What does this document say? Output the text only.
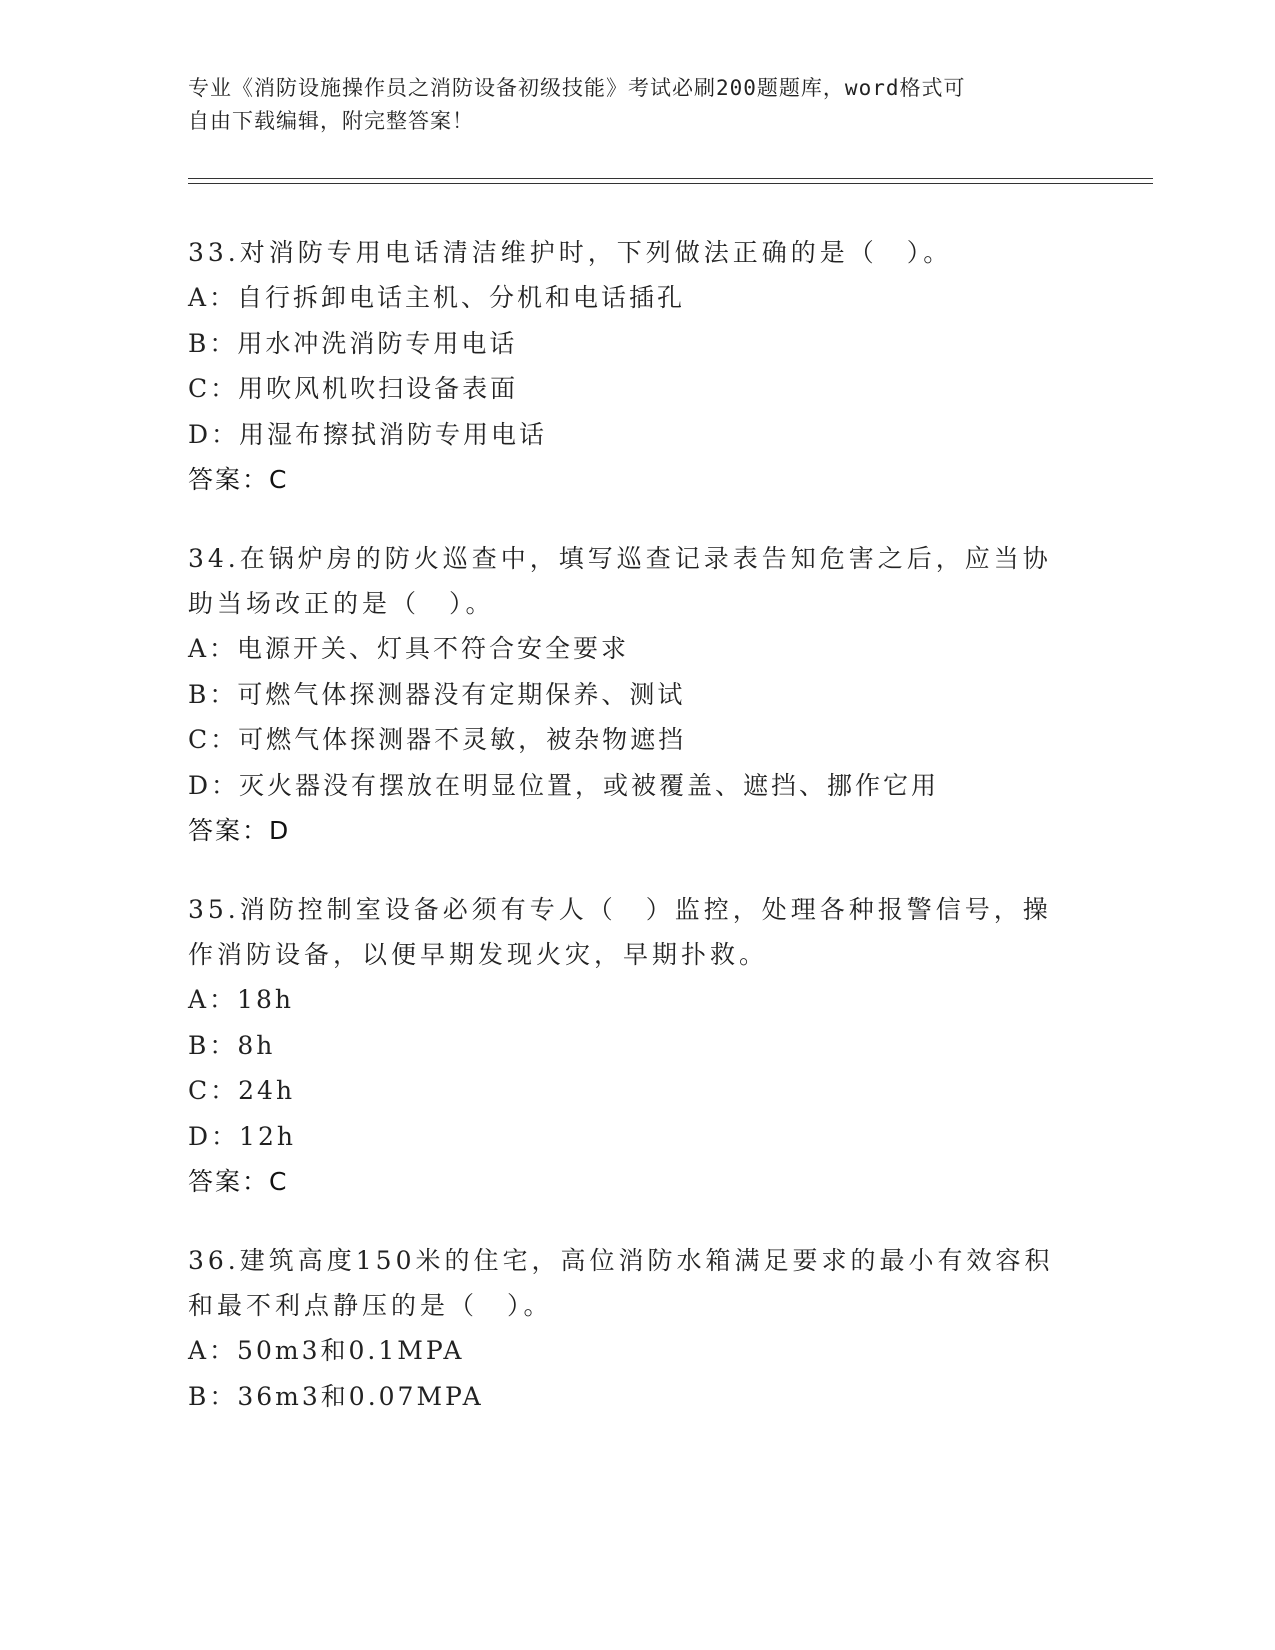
专业《消防设施操作员之消防设备初级技能》考试必刷200题题库，word格式可
自由下载编辑，附完整答案！

33.对消防专用电话清洁维护时，下列做法正确的是（　）。

A：自行拆卸电话主机、分机和电话插孔
B：用水冲洗消防专用电话
C：用吹风机吹扫设备表面
D：用湿布擦拭消防专用电话
答案：C

34.在锅炉房的防火巡查中，填写巡查记录表告知危害之后，应当协助当场改正的是（　）。

A：电源开关、灯具不符合安全要求
B：可燃气体探测器没有定期保养、测试
C：可燃气体探测器不灵敏，被杂物遮挡
D：灭火器没有摆放在明显位置，或被覆盖、遮挡、挪作它用
答案：D

35.消防控制室设备必须有专人（　）监控，处理各种报警信号，操作消防设备，以便早期发现火灾，早期扑救。

A：18h
B：8h
C：24h
D：12h
答案：C

36.建筑高度150米的住宅，高位消防水箱满足要求的最小有效容积和最不利点静压的是（　）。

A：50m3和0.1MPA
B：36m3和0.07MPA
